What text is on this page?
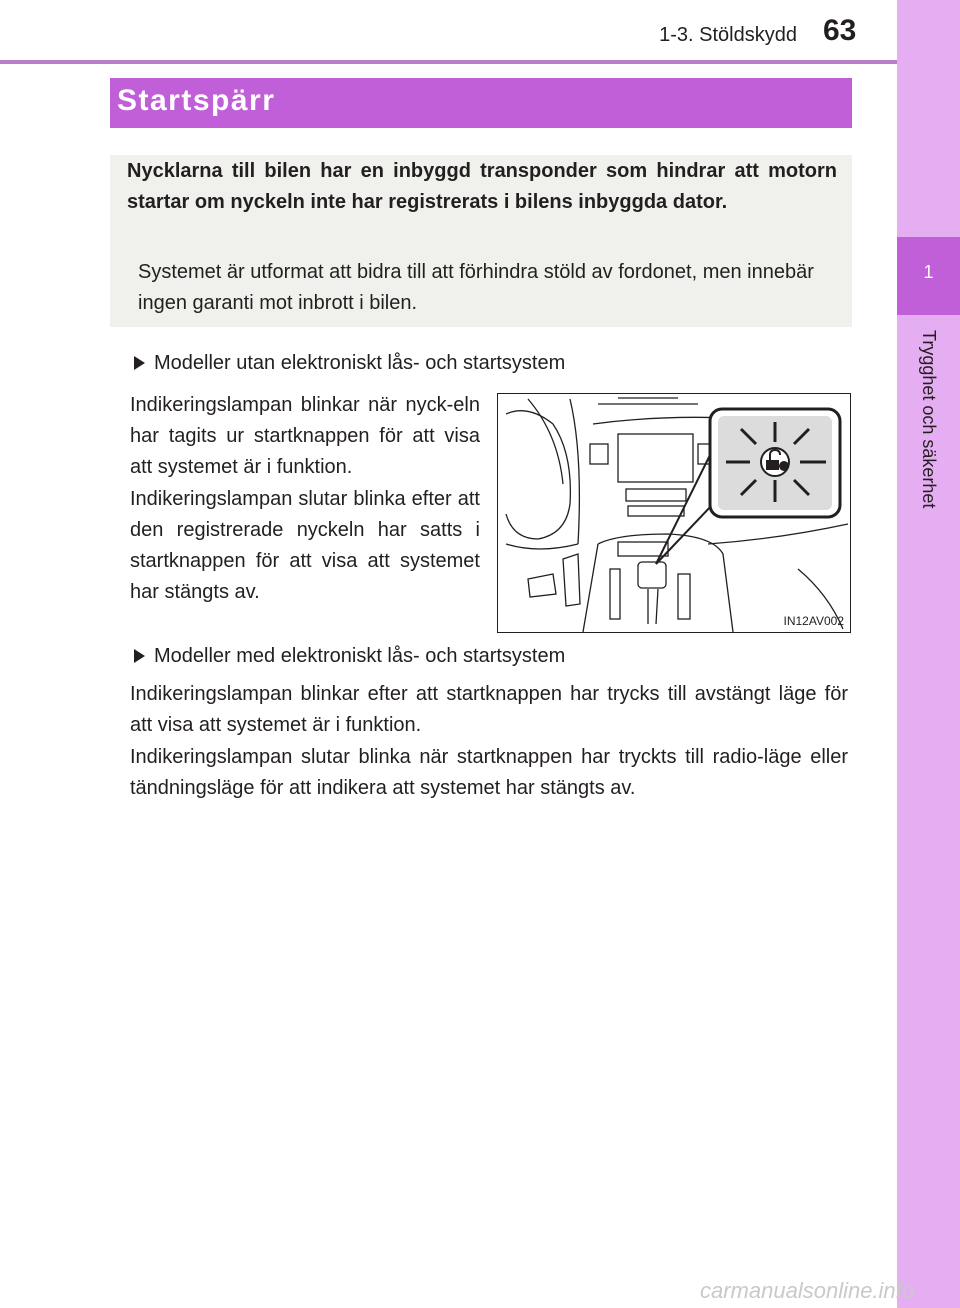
1-3. Stöldskydd 63
1
Trygghet och säkerhet
Startspärr
Nycklarna till bilen har en inbyggd transponder som hindrar att motorn startar om nyckeln inte har registrerats i bilens inbyggda dator.
Systemet är utformat att bidra till att förhindra stöld av fordonet, men innebär ingen garanti mot inbrott i bilen.
Modeller utan elektroniskt lås- och startsystem
Indikeringslampan blinkar när nyck-eln har tagits ur startknappen för att visa att systemet är i funktion.
Indikeringslampan slutar blinka efter att den registrerade nyckeln har satts i startknappen för att visa att systemet har stängts av.
IN12AV002
Modeller med elektroniskt lås- och startsystem
Indikeringslampan blinkar efter att startknappen har trycks till avstängt läge för att visa att systemet är i funktion.
Indikeringslampan slutar blinka när startknappen har tryckts till radio-läge eller tändningsläge för att indikera att systemet har stängts av.
carmanualsonline.info
